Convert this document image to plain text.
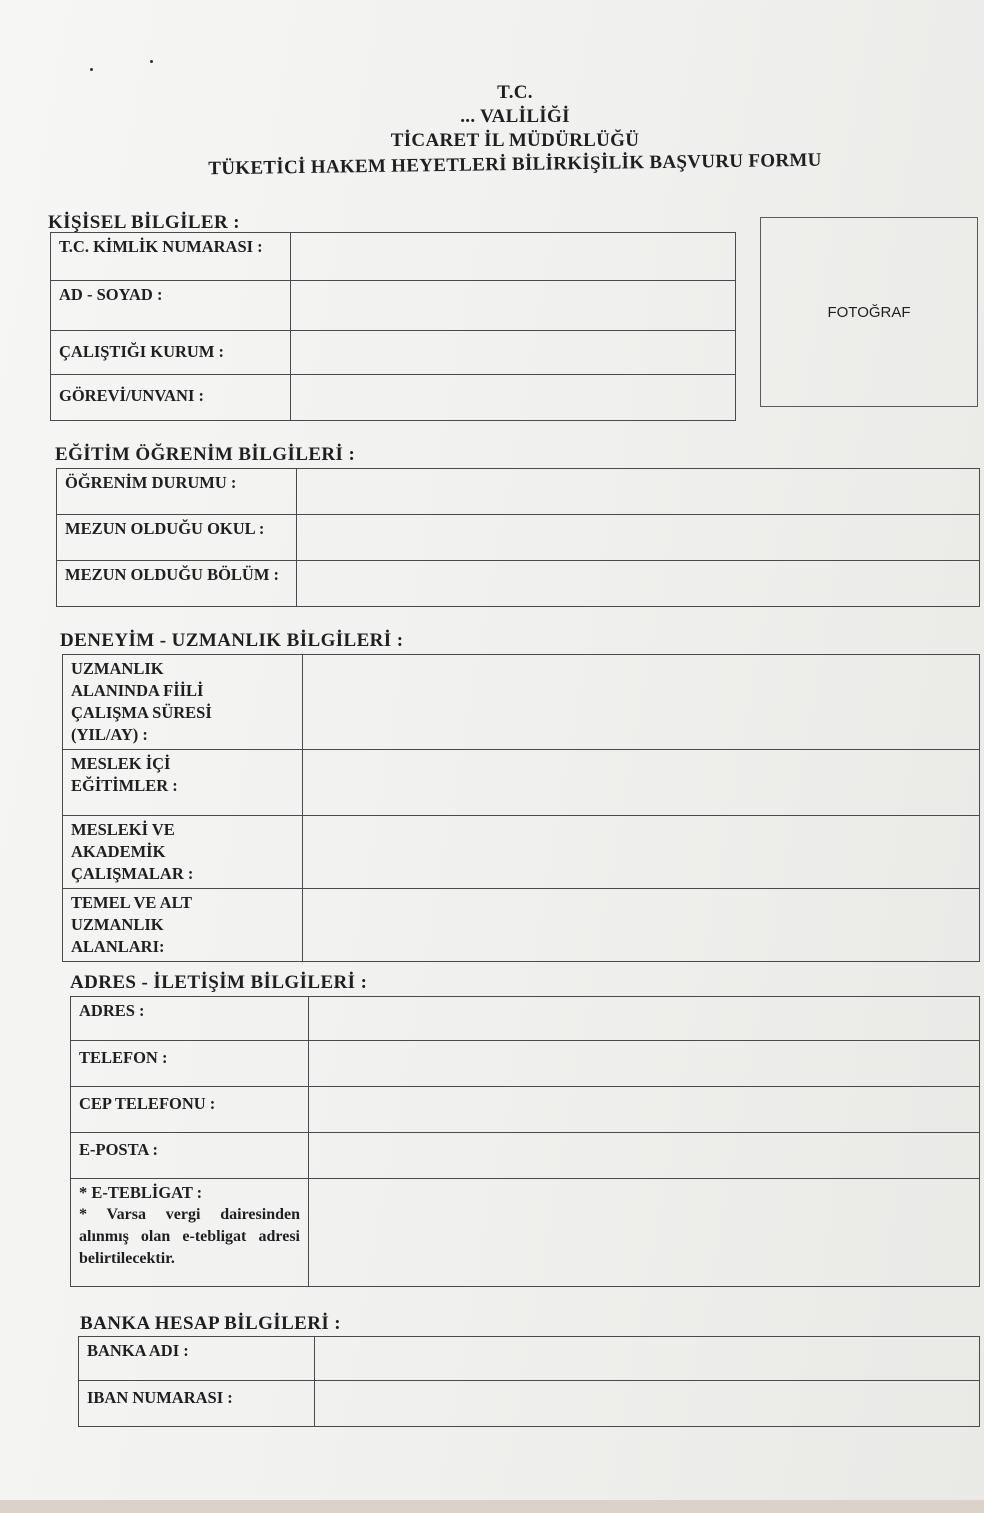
T.C.
... VALİLİĞİ
TİCARET İL MÜDÜRLÜĞÜ
TÜKETİCİ HAKEM HEYETLERİ BİLİRKİŞİLİK BAŞVURU FORMU
KİŞİSEL BİLGİLER :
T.C. KİMLİK NUMARASI :	
AD - SOYAD :	
ÇALIŞTIĞI KURUM :	
GÖREVİ/UNVANI :	
FOTOĞRAF
EĞİTİM ÖĞRENİM BİLGİLERİ :
ÖĞRENİM DURUMU :	
MEZUN OLDUĞU OKUL :	
MEZUN OLDUĞU BÖLÜM :	
DENEYİM - UZMANLIK BİLGİLERİ :
UZMANLIK ALANINDA FİİLİ ÇALIŞMA SÜRESİ (YIL/AY) :	
MESLEK İÇİ EĞİTİMLER :	
MESLEKİ VE AKADEMİK ÇALIŞMALAR :	
TEMEL VE ALT UZMANLIK ALANLARI:	
ADRES - İLETİŞİM BİLGİLERİ :
ADRES :	
TELEFON :	
CEP TELEFONU :	
E-POSTA :	
* E-TEBLİGAT :
* Varsa vergi dairesinden alınmış olan e-tebligat adresi belirtilecektir.	

BANKA HESAP BİLGİLERİ :
BANKA ADI :	
IBAN NUMARASI :	
